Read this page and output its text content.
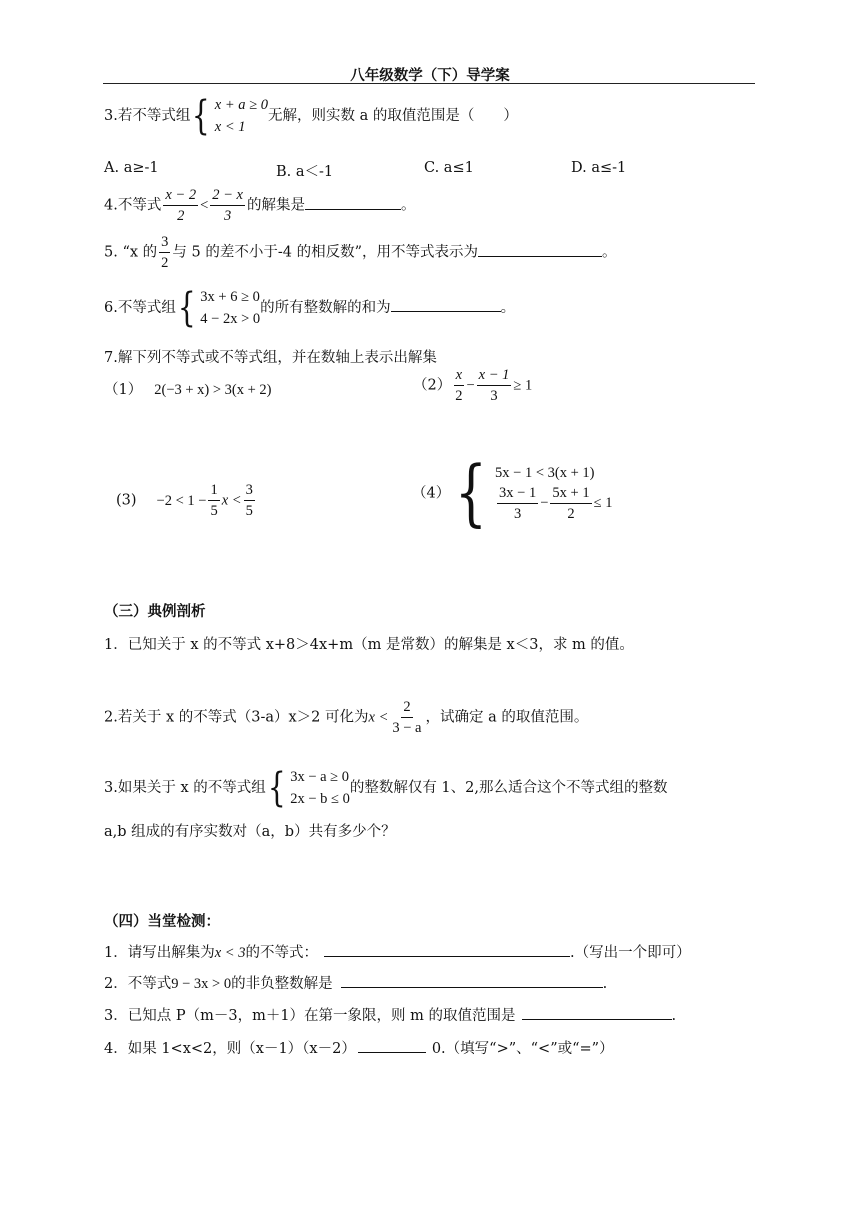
八年级数学（下）导学案
3.若不等式组 { x + a ≥ 0
x < 1
无解，则实数 a 的取值范围是（　　）
A. a≥-1	B. a＜-1	C. a≤1	D. a≤-1
4.不等式 $\frac{x - 2}{2} < \frac{2 - x}{3}$ 的解集是	。
5. “x 的 $\frac{3}{2}$ 与 5 的差不小于-4 的相反数”，用不等式表示为	。
6.不等式组 { 3x + 6 ≥ 0
4 − 2x > 0
的所有整数解的和为	。
7.解下列不等式或不等式组，并在数轴上表示出解集
（1） 2(−3 + x) > 3(x + 2)	$(2) \frac{x}{2} - \frac{x - 1}{3} \ge 1$
$(3) -2 < 1 - \frac{1}{5}$ $x < \frac{3}{5}$	（4） { 5x − 1 < 3(x + 1)
$\frac{3x - 1}{3} - \frac{5x + 1}{2} \le 1$
（三）典例剖析
1．已知关于 x 的不等式 x+8＞4x+m（m 是常数）的解集是 x＜3，求 m 的值。
2.若关于 x 的不等式（3-a）x＞2 可化为$x < \frac{2}{3 - a}$ ，试确定 a 的取值范围。
3.如果关于 x 的不等式组 { 3x − a ≥ 0
2x − b ≤ 0
的整数解仅有 1、2,那么适合这个不等式组的整数
a,b 组成的有序实数对（a，b）共有多少个？
（四）当堂检测：
1．请写出解集为x < 3的不等式：	.（写出一个即可）
2．不等式9 − 3x > 0的非负整数解是	.
3．已知点 P（m－3，m＋1）在第一象限，则 m 的取值范围是	.
4．如果 1<x<2，则（x－1）（x－2）	0.（填写“>”、“<”或“=”）
